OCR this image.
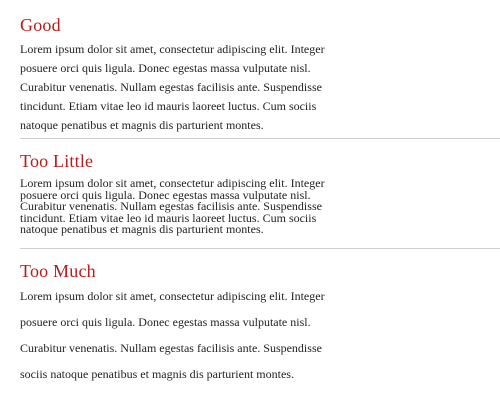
Good

Lorem ipsum dolor sit amet, consectetur adipiscing elit. Integer
posuere orci quis ligula. Donec egestas massa vulputate nisl.
Curabitur venenatis. Nullam egestas facilisis ante. Suspendisse
tincidunt. Etiam vitae leo id mauris laoreet luctus. Cum sociis
natoque penatibus et magnis dis parturient montes.

Too Little

Lorem ipsum dolor sit amet, consectetur adipiscing elit. Integer
posuere orci quis ligula. Donec egestas massa vulputate nisl.
Curabitur venenatis. Nullam egestas facilisis ante. Suspendisse
tincidunt. Etiam vitae leo id mauris laoreet luctus. Cum sociis
natoque penatibus et magnis dis parturient montes.

Too Much

Lorem ipsum dolor sit amet, consectetur adipiscing elit. Integer
posuere orci quis ligula. Donec egestas massa vulputate nisl.
Curabitur venenatis. Nullam egestas facilisis ante. Suspendisse
sociis natoque penatibus et magnis dis parturient montes.
